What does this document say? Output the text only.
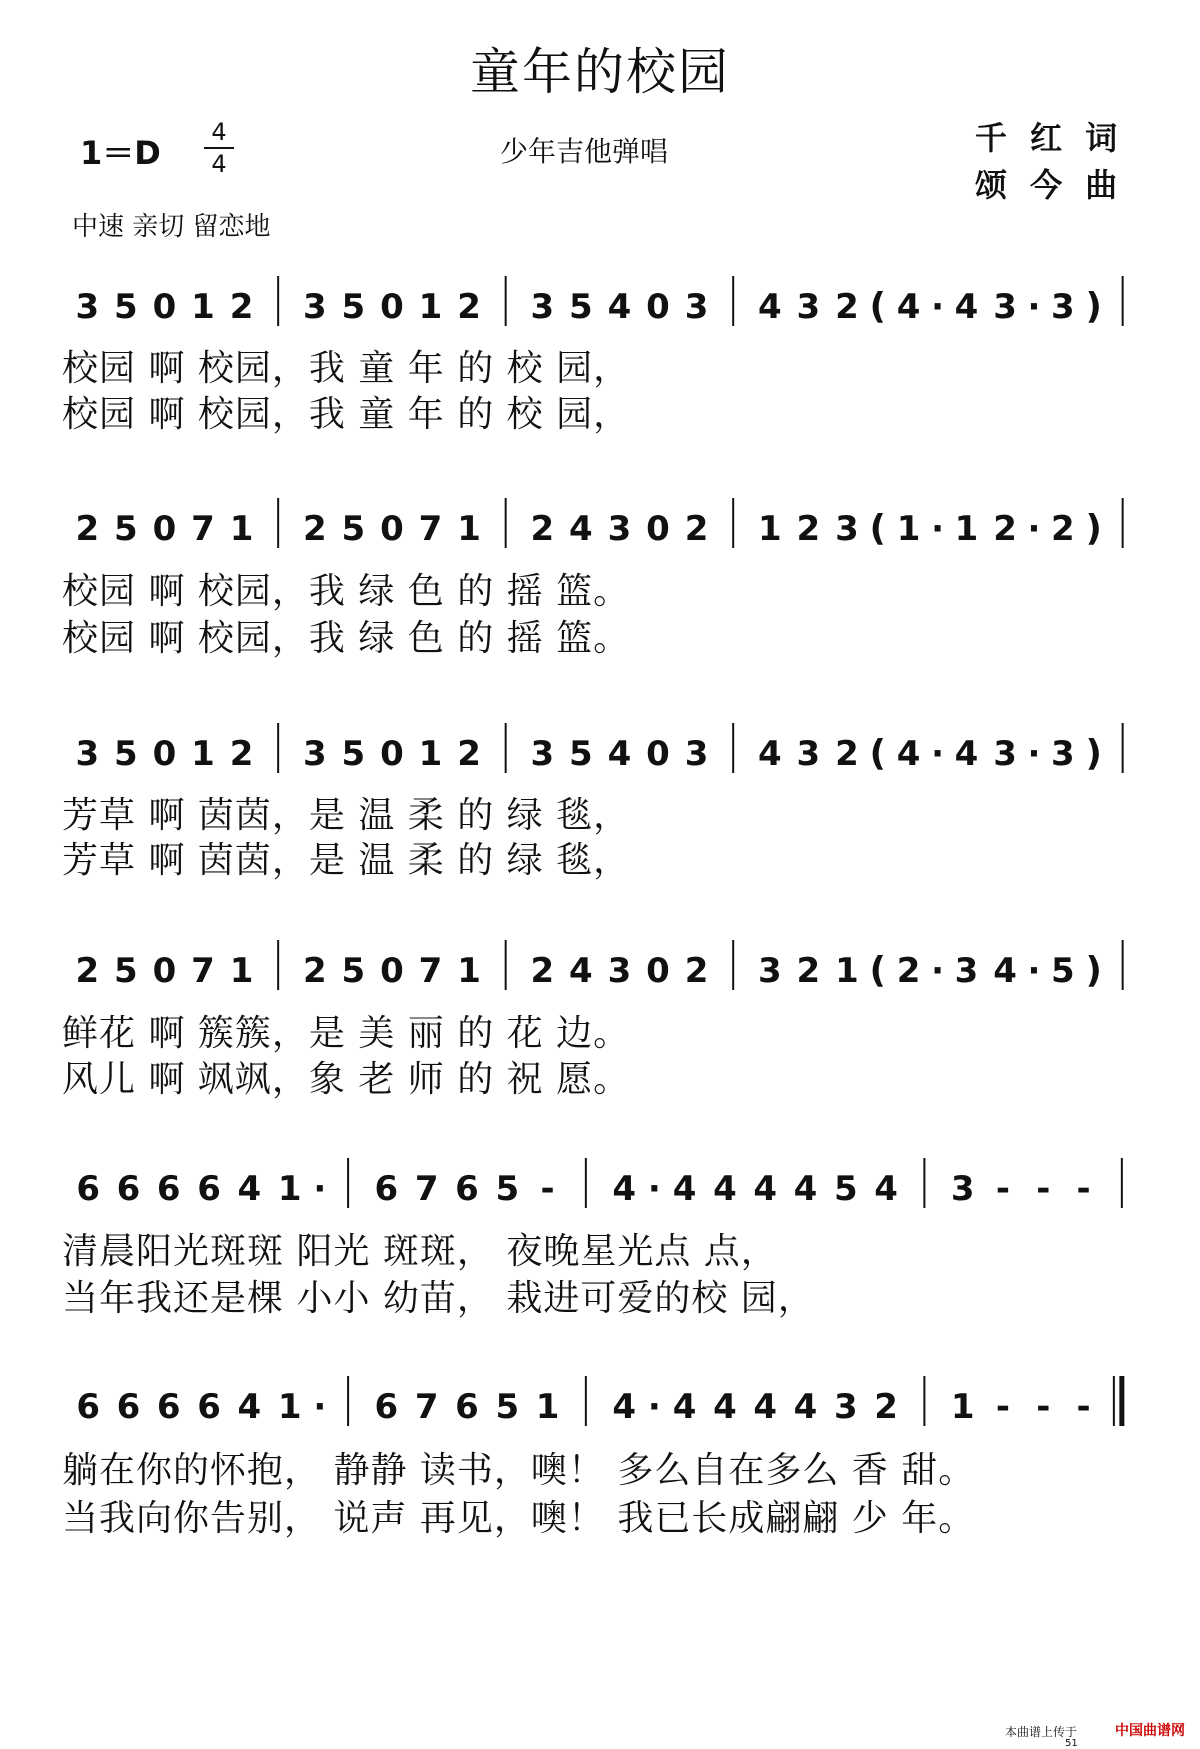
童年的校园
1＝D
4
4	少年吉他弹唱	千 红 词
颂 今 曲
中速 亲切 留恋地
3 5 0 1 2 3 5 0 1 2 3 5 4 0 3 4 3 2 ( 4 · 4 3 · 3 )
2 5 0 7 1 2 5 0 7 1 2 4 3 0 2 1 2 3 ( 1 · 1 2 · 2 )
3 5 0 1 2 3 5 0 1 2 3 5 4 0 3 4 3 2 ( 4 · 4 3 · 3 )
2 5 0 7 1 2 5 0 7 1 2 4 3 0 2 3 2 1 ( 2 · 3 4 · 5 )
6 6 6 6 4 1 · 6 7 6 5 - 4 · 4 4 4 4 5 4 3 - - -
6 6 6 6 4 1 · 6 7 6 5 1 4 · 4 4 4 4 3 2 1 - - -
校园 啊 校园，我 童 年 的 校 园，
校园 啊 校园，我 童 年 的 校 园，
校园 啊 校园，我 绿 色 的 摇 篮。
校园 啊 校园，我 绿 色 的 摇 篮。
芳草 啊 茵茵，是 温 柔 的 绿 毯，
芳草 啊 茵茵，是 温 柔 的 绿 毯，
鲜花 啊 簇簇，是 美 丽 的 花 边。
风儿 啊 飒飒，象 老 师 的 祝 愿。
清晨阳光斑斑 阳光 斑斑， 夜晚星光点 点，
当年我还是棵 小小 幼苗， 栽进可爱的校 园，
躺在你的怀抱， 静静 读书，噢！ 多么自在多么 香 甜。
当我向你告别， 说声 再见，噢！ 我已长成翩翩 少 年。
本曲谱上传于	中国曲谱网
51
